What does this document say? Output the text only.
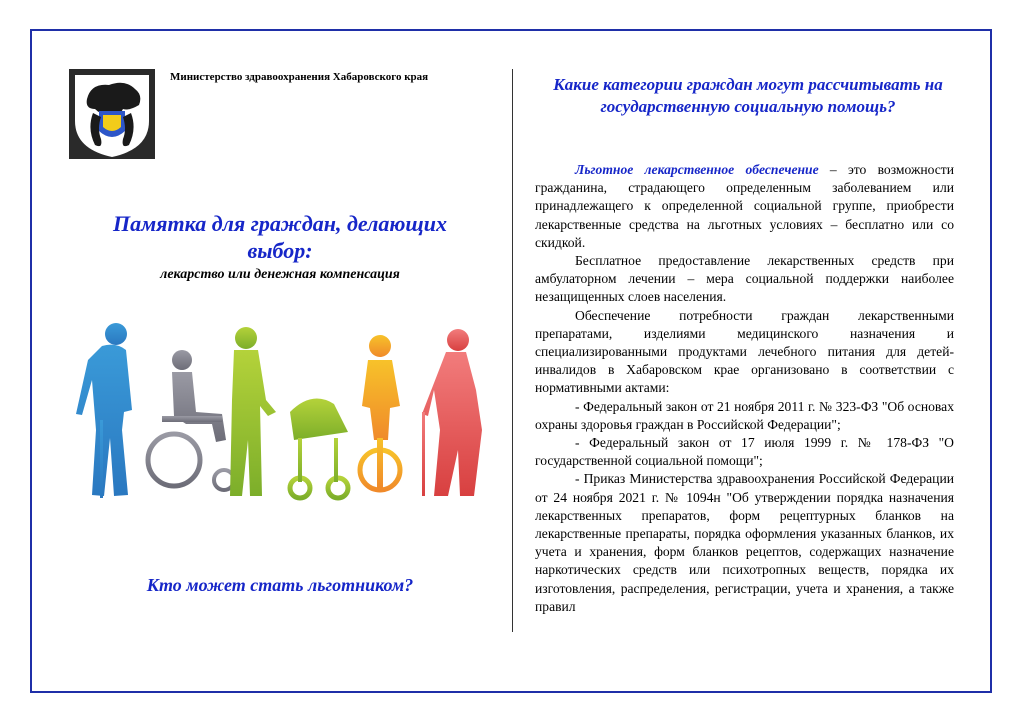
Министерство здравоохранения Хабаровского края
Памятка для граждан, делающих выбор:
лекарство или денежная компенсация
Кто может стать льготником?
Какие категории граждан могут рассчитывать на государственную социальную помощь?

Льготное лекарственное обеспечение – это возможности гражданина, страдающего определенным заболеванием или принадлежащего к определенной социальной группе, приобрести лекарственные средства на льготных условиях – бесплатно или со скидкой.

Бесплатное предоставление лекарственных средств при амбулаторном лечении – мера социальной поддержки наиболее незащищенных слоев населения.

Обеспечение потребности граждан лекарственными препаратами, изделиями медицинского назначения и специализированными продуктами лечебного питания для детей-инвалидов в Хабаровском крае организовано в соответствии с нормативными актами:

- Федеральный закон от 21 ноября 2011 г. № 323-ФЗ "Об основах охраны здоровья граждан в Российской Федерации";

- Федеральный закон от 17 июля 1999 г. № 178-ФЗ "О государственной социальной помощи";

- Приказ Министерства здравоохранения Российской Федерации от 24 ноября 2021 г. № 1094н "Об утверждении порядка назначения лекарственных препаратов, форм рецептурных бланков на лекарственные препараты, порядка оформления указанных бланков, их учета и хранения, форм бланков рецептов, содержащих назначение наркотических средств или психотропных веществ, порядка их изготовления, распределения, регистрации, учета и хранения, а также правил
